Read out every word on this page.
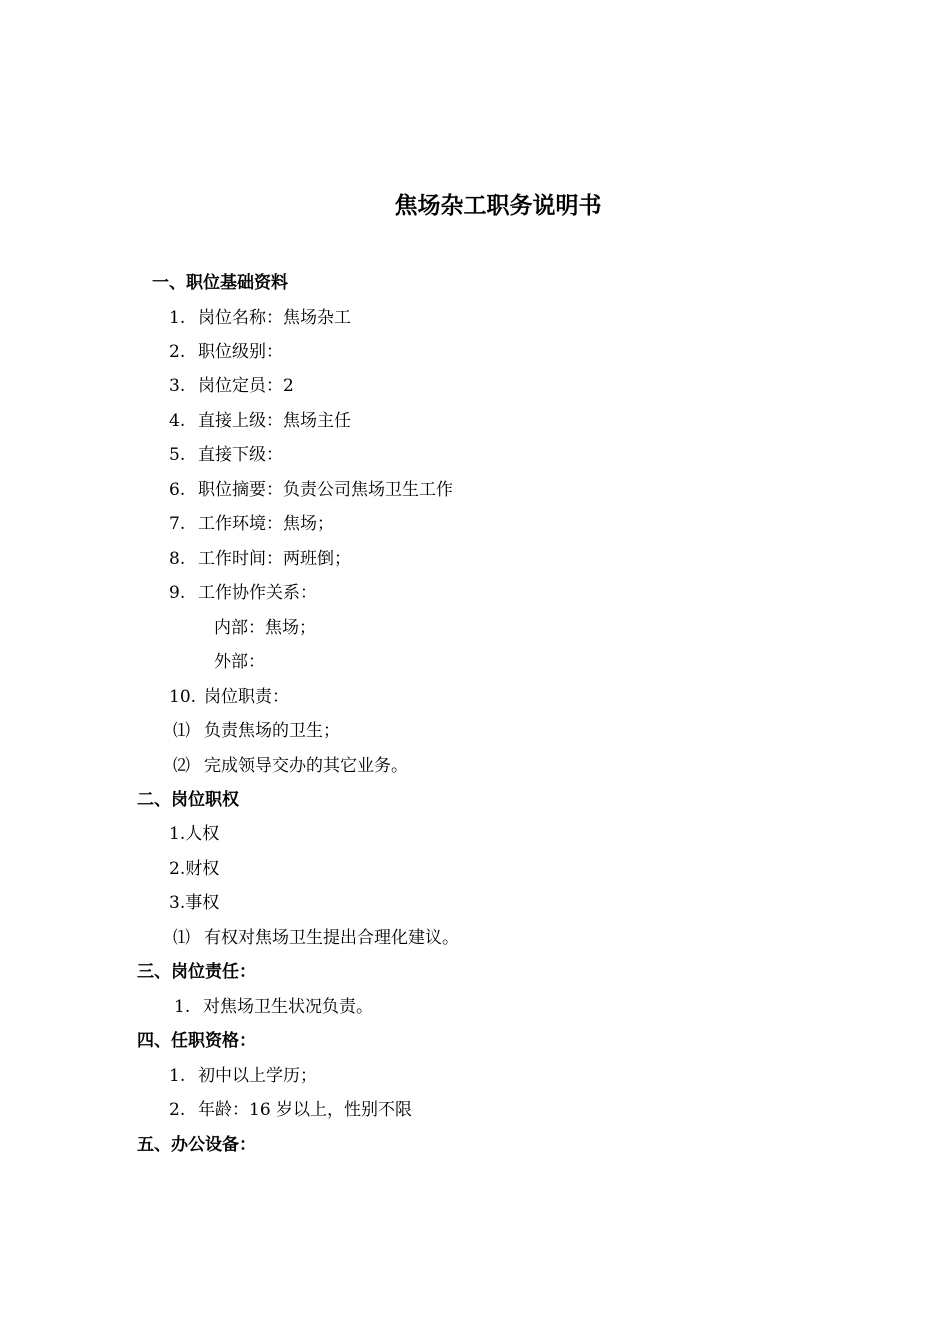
焦场杂工职务说明书
一、职位基础资料
1. 岗位名称：焦场杂工
2. 职位级别：
3. 岗位定员：2
4. 直接上级：焦场主任
5. 直接下级：
6. 职位摘要：负责公司焦场卫生工作
7. 工作环境：焦场；
8. 工作时间：两班倒；
9. 工作协作关系：
内部：焦场；
外部：
10. 岗位职责：
⑴ 负责焦场的卫生；
⑵ 完成领导交办的其它业务。
二、岗位职权
1.人权
2.财权
3.事权
⑴ 有权对焦场卫生提出合理化建议。
三、岗位责任：
1. 对焦场卫生状况负责。
四、任职资格：
1. 初中以上学历；
2. 年龄：16 岁以上，性别不限
五、办公设备：
